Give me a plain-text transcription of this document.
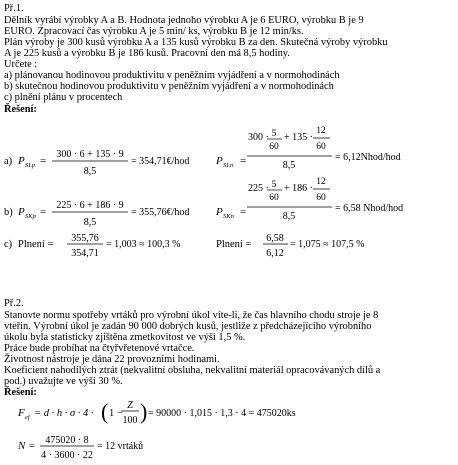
Př.1.
Dělník vyrábí výrobky A a B. Hodnota jednoho výrobku A je 6 EURO, výrobku B je 9
EURO. Zpracovací čas výrobku A je 5 min/ ks, výrobku B je 12 min/ks.
Plán výroby je 300 kusů výrobku A a 135 kusů výrobku B za den. Skutečná výroby výrobku
A je 225 kusů a výrobku B je 186 kusů. Pracovní den má 8,5 hodiny.
Určete :
a) plánovanou hodinovou produktivitu v peněžním vyjádření a v normohodinách
b) skutečnou hodinovou produktivitu v peněžním vyjádření a v normohodinách
c) plnění plánu v procentech
Řešení:
a) P SLp =
300 · 6 + 135 · 9
8,5
= 354,71€/hod P SLn =
300 · 5
60
+ 135 ·
12
60
8,5
= 6,12Nhod/hod
b) P SKp =
225 · 6 + 186 · 9
8,5
= 355,76€/hod P SKn =
225 · 5
60
+ 186 ·
12
60
8,5
= 6,58 Nhod/hod
c) Plnení =
355,76
354,71
= 1,003 ≈ 100,3 %	Plnení =
6,58
6,12
= 1,075 ≈ 107,5 %
Př.2.
Stanovte normu spotřeby vrtáků pro výrobní úkol víte-li, že čas hlavního chodu stroje je 8
vteřin. Výrobní úkol je zadán 90 000 dobrých kusů, jestliže z předcházejícího výrobního
úkolu byla statisticky zjištěna zmetkovitost ve výši 1,5 %.
Práce bude probíhat na čtyřvřetenové vrtačce.
Životnost nástroje je dána 22 provozními hodinami.
Koeficient nahodilých ztrát (nekvalitní obsluha, nekvalitní materiál opracovávaných dílů a
pod.) uvažujte ve výši 30 %.
Řešení:
F ef = d · h · σ · 4 · ( 1 −
Z
100 ) = 90000 · 1,015 · 1,3 · 4 = 475020ks
N = 475020 · 8
4 · 3600 · 22
= 12 vrtáků
